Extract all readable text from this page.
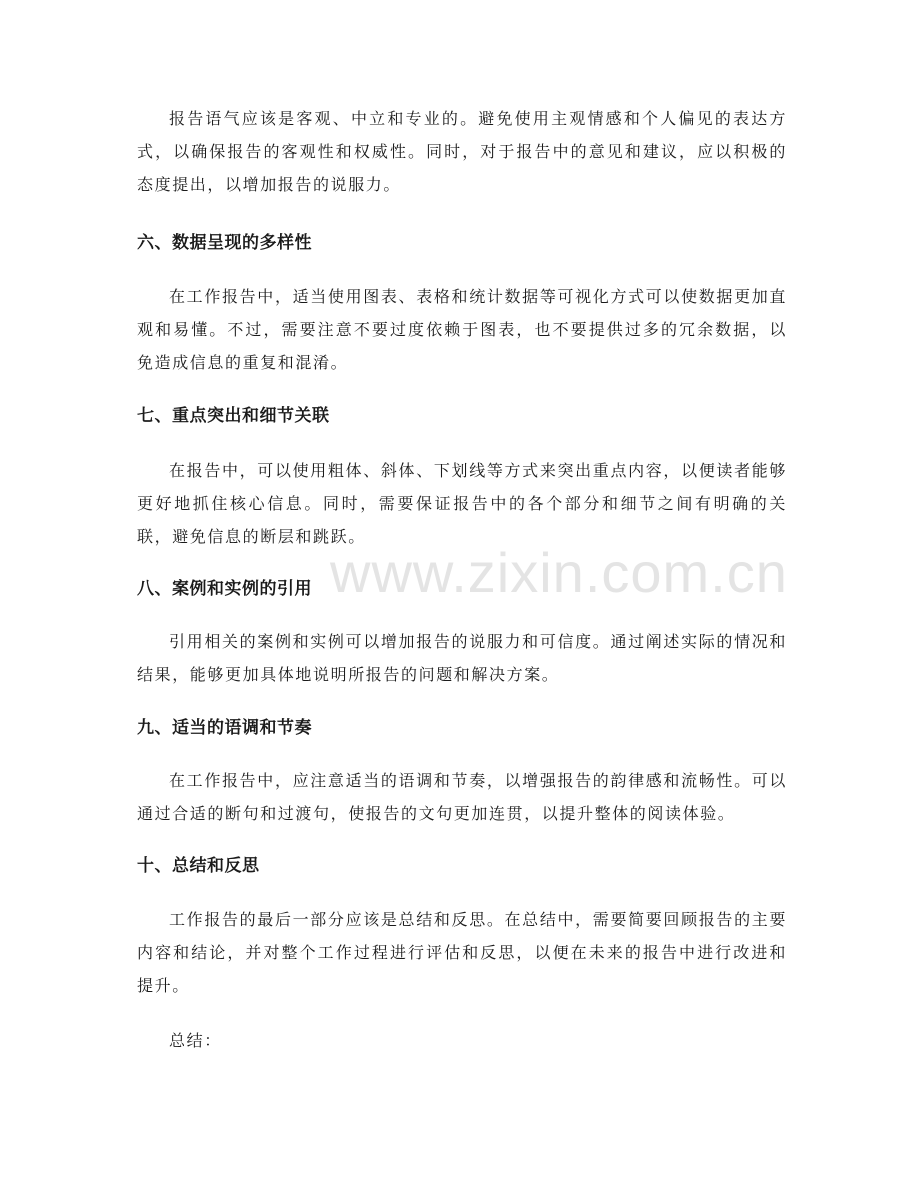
www.zixin.com.cn

报告语气应该是客观、中立和专业的。避免使用主观情感和个人偏见的表达方式，以确保报告的客观性和权威性。同时，对于报告中的意见和建议，应以积极的态度提出，以增加报告的说服力。

六、数据呈现的多样性

在工作报告中，适当使用图表、表格和统计数据等可视化方式可以使数据更加直观和易懂。不过，需要注意不要过度依赖于图表，也不要提供过多的冗余数据，以免造成信息的重复和混淆。

七、重点突出和细节关联

在报告中，可以使用粗体、斜体、下划线等方式来突出重点内容，以便读者能够更好地抓住核心信息。同时，需要保证报告中的各个部分和细节之间有明确的关联，避免信息的断层和跳跃。

八、案例和实例的引用

引用相关的案例和实例可以增加报告的说服力和可信度。通过阐述实际的情况和结果，能够更加具体地说明所报告的问题和解决方案。

九、适当的语调和节奏

在工作报告中，应注意适当的语调和节奏，以增强报告的韵律感和流畅性。可以通过合适的断句和过渡句，使报告的文句更加连贯，以提升整体的阅读体验。

十、总结和反思

工作报告的最后一部分应该是总结和反思。在总结中，需要简要回顾报告的主要内容和结论，并对整个工作过程进行评估和反思，以便在未来的报告中进行改进和提升。

总结：
